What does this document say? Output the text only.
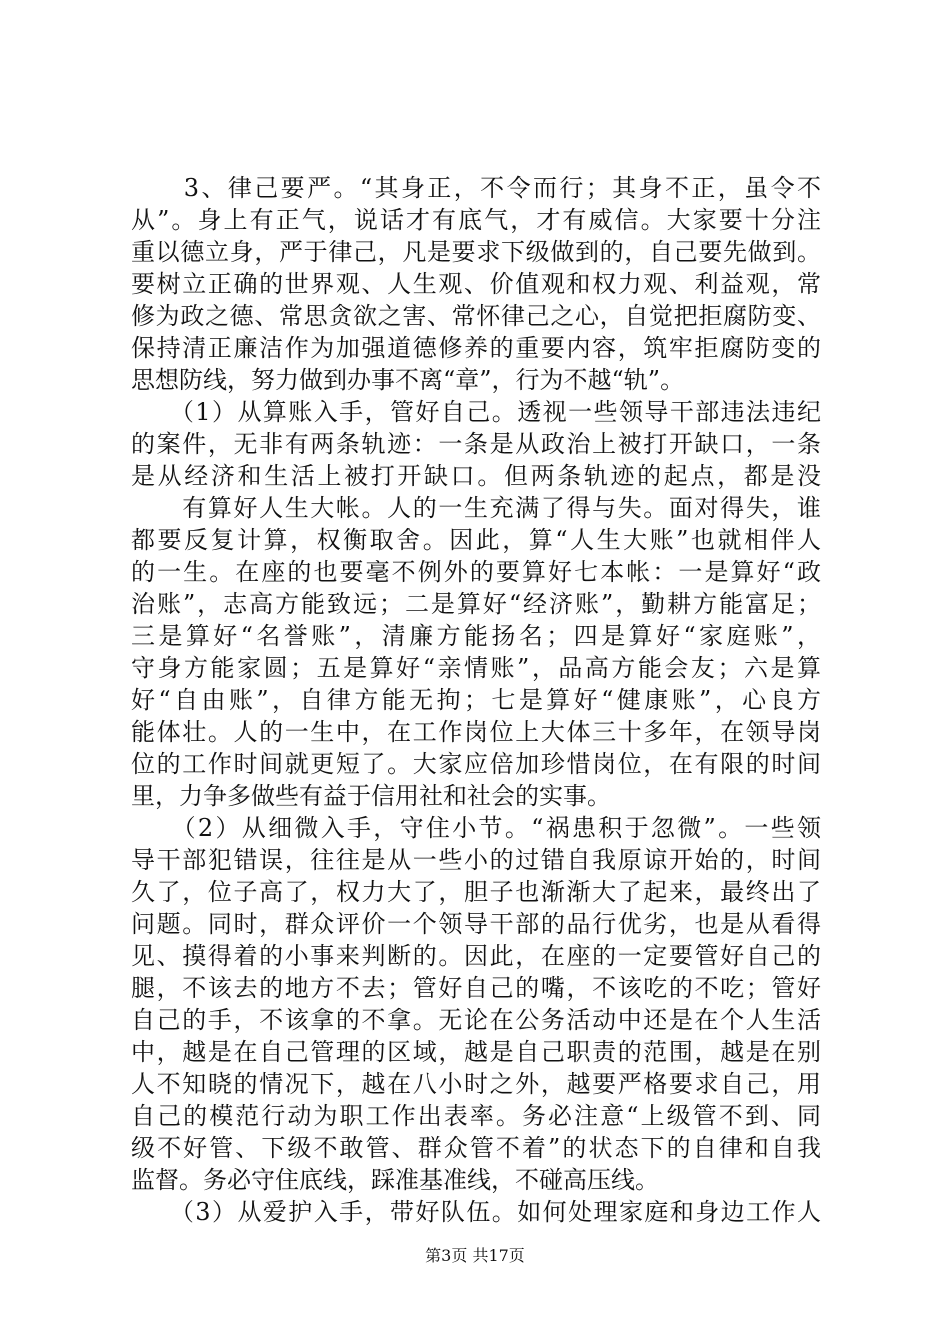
　　3、律己要严。“其身正，不令而行；其身不正，虽令不
从”。身上有正气，说话才有底气，才有威信。大家要十分注
重以德立身，严于律己，凡是要求下级做到的，自己要先做到。
要树立正确的世界观、人生观、价值观和权力观、利益观，常
修为政之德、常思贪欲之害、常怀律己之心，自觉把拒腐防变、
保持清正廉洁作为加强道德修养的重要内容，筑牢拒腐防变的
思想防线，努力做到办事不离“章”，行为不越“轨”。
　　（1）从算账入手，管好自己。透视一些领导干部违法违纪
的案件，无非有两条轨迹：一条是从政治上被打开缺口，一条
是从经济和生活上被打开缺口。但两条轨迹的起点，都是没
　　有算好人生大帐。人的一生充满了得与失。面对得失，谁
都要反复计算，权衡取舍。因此，算“人生大账”也就相伴人
的一生。在座的也要毫不例外的要算好七本帐：一是算好“政
治账”，志高方能致远；二是算好“经济账”，勤耕方能富足；
三是算好“名誉账”，清廉方能扬名；四是算好“家庭账”，
守身方能家圆；五是算好“亲情账”，品高方能会友；六是算
好“自由账”，自律方能无拘；七是算好“健康账”，心良方
能体壮。人的一生中，在工作岗位上大体三十多年，在领导岗
位的工作时间就更短了。大家应倍加珍惜岗位，在有限的时间
里，力争多做些有益于信用社和社会的实事。
　　（2）从细微入手，守住小节。“祸患积于忽微”。一些领
导干部犯错误，往往是从一些小的过错自我原谅开始的，时间
久了，位子高了，权力大了，胆子也渐渐大了起来，最终出了
问题。同时，群众评价一个领导干部的品行优劣，也是从看得
见、摸得着的小事来判断的。因此，在座的一定要管好自己的
腿，不该去的地方不去；管好自己的嘴，不该吃的不吃；管好
自己的手，不该拿的不拿。无论在公务活动中还是在个人生活
中，越是在自己管理的区域，越是自己职责的范围，越是在别
人不知晓的情况下，越在八小时之外，越要严格要求自己，用
自己的模范行动为职工作出表率。务必注意“上级管不到、同
级不好管、下级不敢管、群众管不着”的状态下的自律和自我
监督。务必守住底线，踩准基准线，不碰高压线。
　　（3）从爱护入手，带好队伍。如何处理家庭和身边工作人
第3页 共17页
